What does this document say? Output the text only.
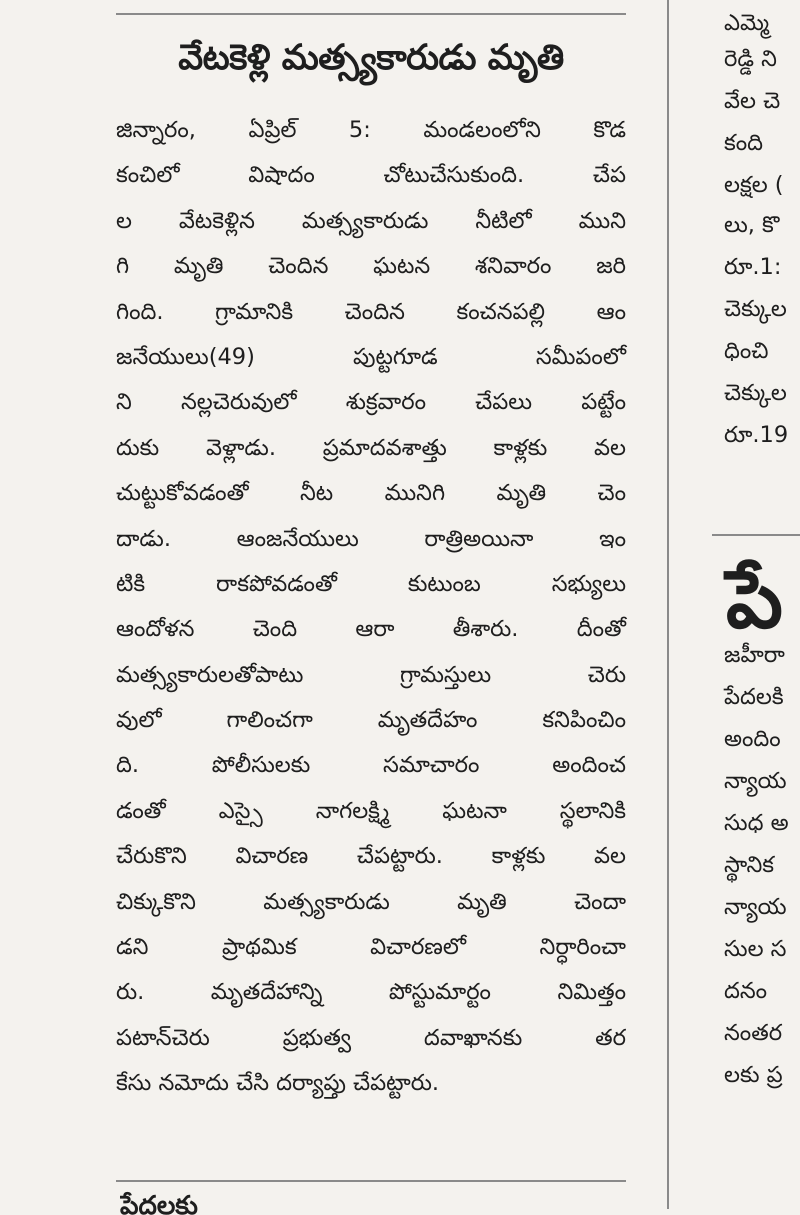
వేటకెళ్లి మత్స్యకారుడు మృతి
జిన్నారం, ఏప్రిల్ 5: మండలంలోని కొడ
కంచిలో విషాదం చోటుచేసుకుంది. చేప
ల వేటకెళ్లిన మత్స్యకారుడు నీటిలో ముని
గి మృతి చెందిన ఘటన శనివారం జరి
గింది. గ్రామానికి చెందిన కంచనపల్లి ఆం
జనేయులు(49) పుట్టగూడ సమీపంలో
ని నల్లచెరువులో శుక్రవారం చేపలు పట్టేం
దుకు వెళ్లాడు. ప్రమాదవశాత్తు కాళ్లకు వల
చుట్టుకోవడంతో నీట మునిగి మృతి చెం
దాడు. ఆంజనేయులు రాత్రిఅయినా ఇం
టికి రాకపోవడంతో కుటుంబ సభ్యులు
ఆందోళన చెంది ఆరా తీశారు. దీంతో
మత్స్యకారులతోపాటు గ్రామస్తులు చెరు
వులో గాలించగా మృతదేహం కనిపించిం
ది. పోలీసులకు సమాచారం అందించ
డంతో ఎస్సై నాగలక్ష్మి ఘటనా స్థలానికి
చేరుకొని విచారణ చేపట్టారు. కాళ్లకు వల
చిక్కుకొని మత్స్యకారుడు మృతి చెందా
డని ప్రాథమిక విచారణలో నిర్ధారించా
రు. మృతదేహాన్ని పోస్టుమార్టం నిమిత్తం
పటాన్‌చెరు ప్రభుత్వ దవాఖానకు తర
కేసు నమోదు చేసి దర్యాప్తు చేపట్టారు.
పేదలకు
ఎమ్మె
రెడ్డి ని
వేల చె
కంది
లక్షల (
లు, కొ
రూ.1:
చెక్కుల
ధించి
చెక్కుల
రూ.19
పే
జహీరా
పేదలకి
అందిం
న్యాయ
సుధ అ
స్థానిక
న్యాయ
సుల స
దనం
నంతర
లకు ప్ర
